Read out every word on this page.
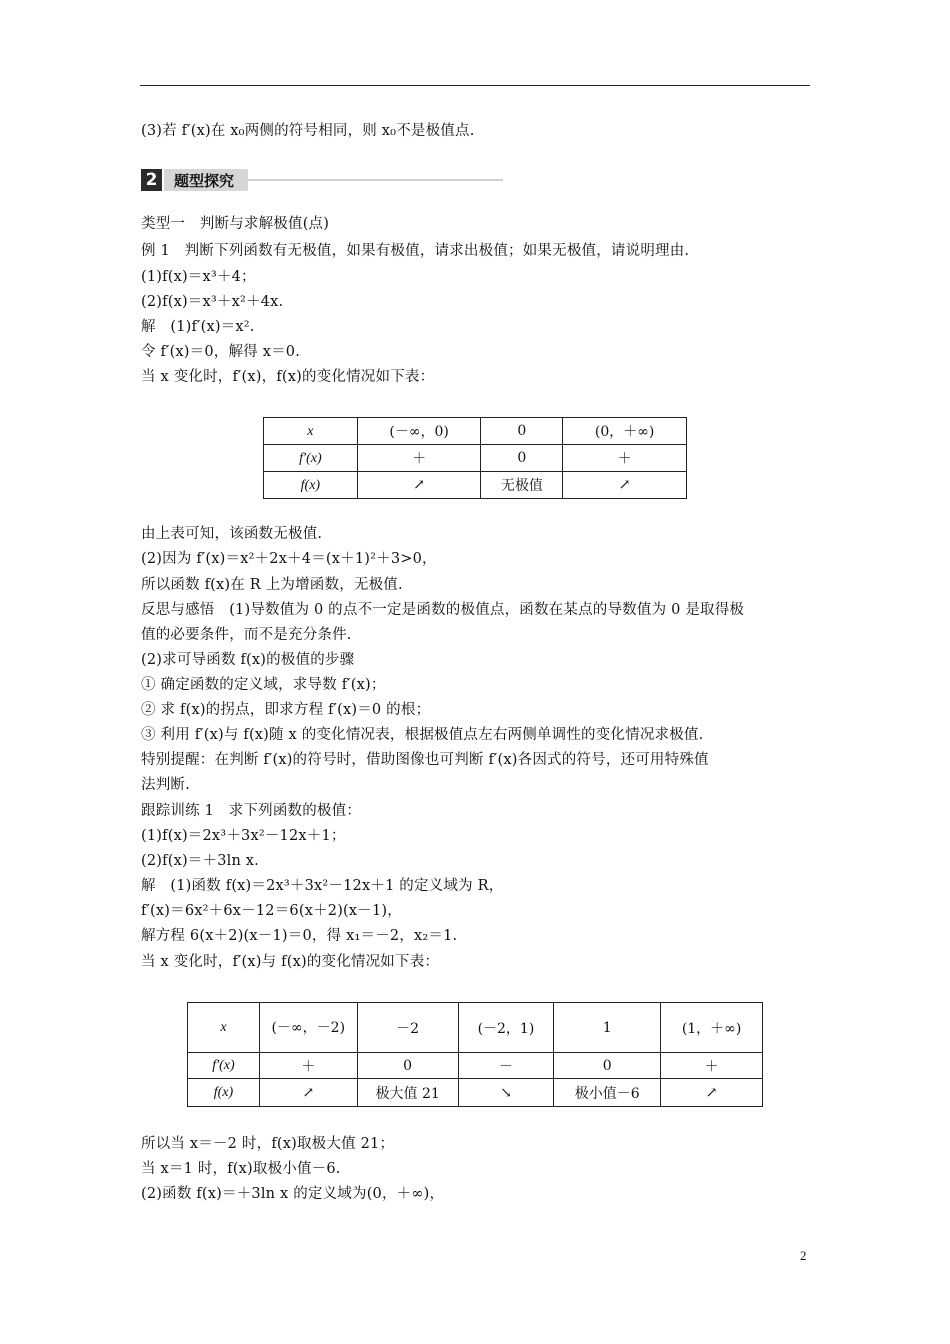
(3)若 f′(x)在 x₀两侧的符号相同，则 x₀不是极值点.
2	题型探究
类型一　判断与求解极值(点)
例 1　判断下列函数有无极值，如果有极值，请求出极值；如果无极值，请说明理由.
(1)f(x)＝x³＋4；
(2)f(x)＝x³＋x²＋4x.
解　(1)f′(x)＝x².
令 f′(x)＝0，解得 x＝0.
当 x 变化时，f′(x)，f(x)的变化情况如下表：
x	(－∞，0)	0	(0，＋∞)
f′(x)	＋	0	＋
f(x)	↗	无极值	↗
由上表可知，该函数无极值.
(2)因为 f′(x)＝x²＋2x＋4＝(x＋1)²＋3>0，
所以函数 f(x)在 R 上为增函数，无极值.
反思与感悟　(1)导数值为 0 的点不一定是函数的极值点，函数在某点的导数值为 0 是取得极
值的必要条件，而不是充分条件.
(2)求可导函数 f(x)的极值的步骤
① 确定函数的定义域，求导数 f′(x)；
② 求 f(x)的拐点，即求方程 f′(x)＝0 的根；
③ 利用 f′(x)与 f(x)随 x 的变化情况表，根据极值点左右两侧单调性的变化情况求极值.
特别提醒：在判断 f′(x)的符号时，借助图像也可判断 f′(x)各因式的符号，还可用特殊值
法判断.
跟踪训练 1　求下列函数的极值：
(1)f(x)＝2x³＋3x²－12x＋1；
(2)f(x)＝＋3ln x.
解　(1)函数 f(x)＝2x³＋3x²－12x＋1 的定义域为 R，
f′(x)＝6x²＋6x－12＝6(x＋2)(x－1)，
解方程 6(x＋2)(x－1)＝0，得 x₁＝－2，x₂＝1.
当 x 变化时，f′(x)与 f(x)的变化情况如下表：
x	(－∞，－2)	－2	(－2，1)	1	(1，＋∞)
f′(x)	＋	0	－	0	＋
f(x)	↗	极大值 21	↘	极小值－6	↗
所以当 x＝－2 时，f(x)取极大值 21；
当 x＝1 时，f(x)取极小值－6.
(2)函数 f(x)＝＋3ln x 的定义域为(0，＋∞)，
2
